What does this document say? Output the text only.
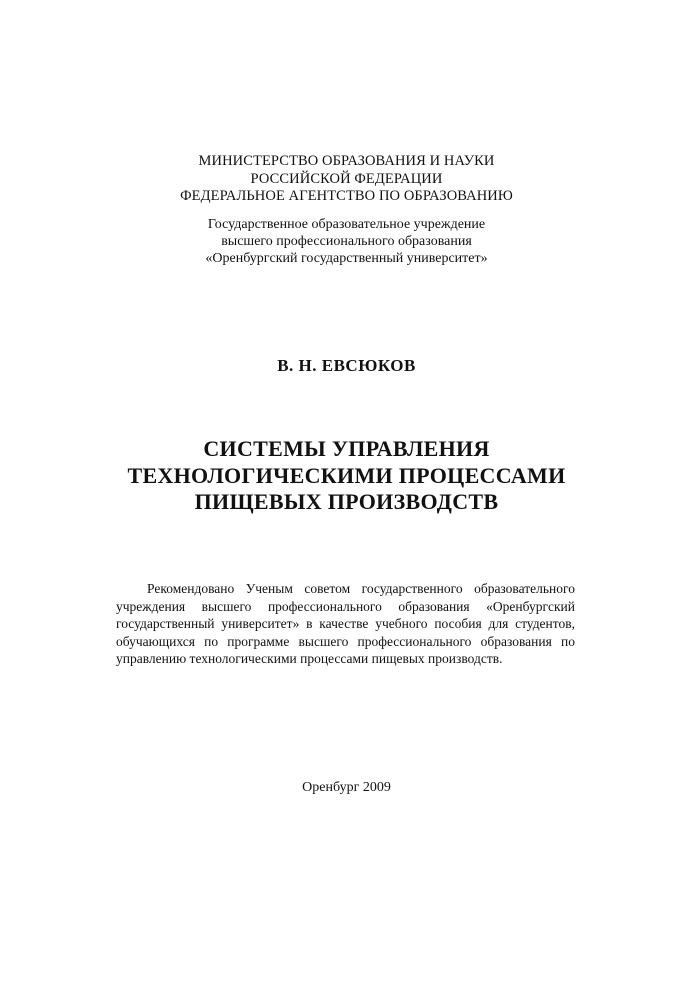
МИНИСТЕРСТВО ОБРАЗОВАНИЯ И НАУКИ
РОССИЙСКОЙ ФЕДЕРАЦИИ
ФЕДЕРАЛЬНОЕ АГЕНТСТВО ПО ОБРАЗОВАНИЮ
Государственное образовательное учреждение
высшего профессионального образования
«Оренбургский государственный университет»
В. Н. ЕВСЮКОВ
СИСТЕМЫ УПРАВЛЕНИЯ
ТЕХНОЛОГИЧЕСКИМИ ПРОЦЕССАМИ
ПИЩЕВЫХ ПРОИЗВОДСТВ
Рекомендовано Ученым советом государственного образовательного
учреждения высшего профессионального образования «Оренбургский
государственный университет» в качестве учебного пособия для студентов,
обучающихся по программе высшего профессионального образования по
управлению технологическими процессами пищевых производств.
Оренбург 2009
